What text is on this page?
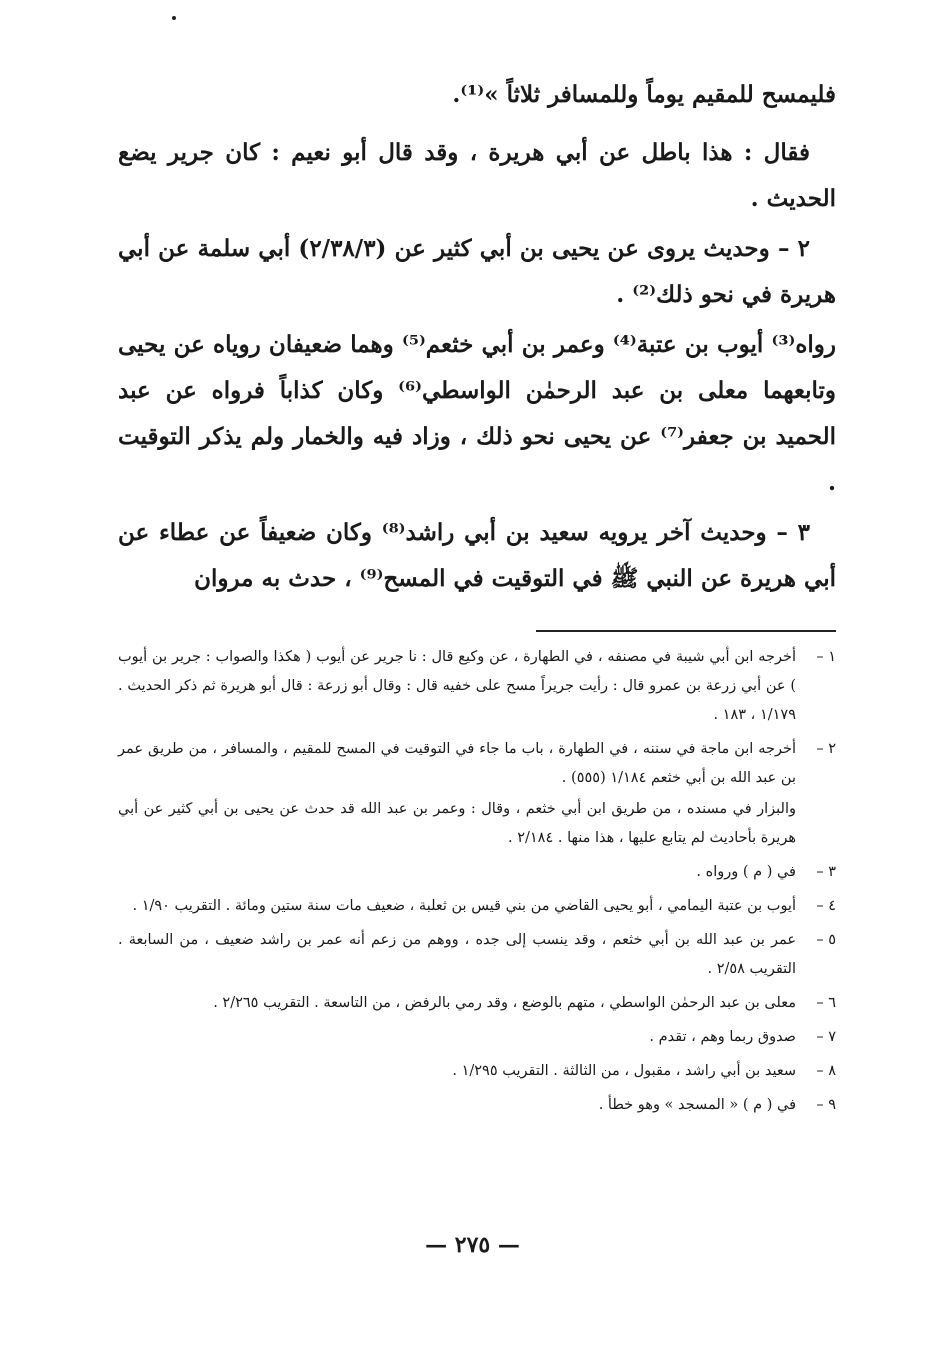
فليمسح للمقيم يوماً وللمسافر ثلاثاً »⁽¹⁾.

فقال : هذا باطل عن أبي هريرة ، وقد قال أبو نعيم : كان جرير يضع الحديث .

٢ – وحديث يروى عن يحيى بن أبي كثير عن (٢/٣٨/٣) أبي سلمة عن أبي هريرة في نحو ذلك⁽²⁾ .

رواه⁽³⁾ أيوب بن عتبة⁽⁴⁾ وعمر بن أبي خثعم⁽⁵⁾ وهما ضعيفان روياه عن يحيى وتابعهما معلى بن عبد الرحمٰن الواسطي⁽⁶⁾ وكان كذاباً فرواه عن عبد الحميد بن جعفر⁽⁷⁾ عن يحيى نحو ذلك ، وزاد فيه والخمار ولم يذكر التوقيت .

٣ – وحديث آخر يرويه سعيد بن أبي راشد⁽⁸⁾ وكان ضعيفاً عن عطاء عن أبي هريرة عن النبي ﷺ في التوقيت في المسح⁽⁹⁾ ، حدث به مروان

١ –
أخرجه ابن أبي شيبة في مصنفه ، في الطهارة ، عن وكيع قال : نا جرير عن أيوب ( هكذا والصواب : جرير بن أيوب ) عن أبي زرعة بن عمرو قال : رأيت جريراً مسح على خفيه قال : وقال أبو زرعة : قال أبو هريرة ثم ذكر الحديث . ١/١٧٩ ، ١٨٣ .
٢ –
أخرجه ابن ماجة في سننه ، في الطهارة ، باب ما جاء في التوقيت في المسح للمقيم ، والمسافر ، من طريق عمر بن عبد الله بن أبي خثعم ١/١٨٤ (٥٥٥) .
والبزار في مسنده ، من طريق ابن أبي خثعم ، وقال : وعمر بن عبد الله قد حدث عن يحيى بن أبي كثير عن أبي هريرة بأحاديث لم يتابع عليها ، هذا منها . ٢/١٨٤ .
٣ –
في ( م ) ورواه .
٤ –
أيوب بن عتبة اليمامي ، أبو يحيى القاضي من بني قيس بن ثعلبة ، ضعيف مات سنة ستين ومائة . التقريب ١/٩٠ .
٥ –
عمر بن عبد الله بن أبي خثعم ، وقد ينسب إلى جده ، ووهم من زعم أنه عمر بن راشد ضعيف ، من السابعة . التقريب ٢/٥٨ .
٦ –
معلى بن عبد الرحمٰن الواسطي ، متهم بالوضع ، وقد رمي بالرفض ، من التاسعة . التقريب ٢/٢٦٥ .
٧ –
صدوق ربما وهم ، تقدم .
٨ –
سعيد بن أبي راشد ، مقبول ، من الثالثة . التقريب ١/٢٩٥ .
٩ –
في ( م ) « المسجد » وهو خطأ .
— ٢٧٥ —
